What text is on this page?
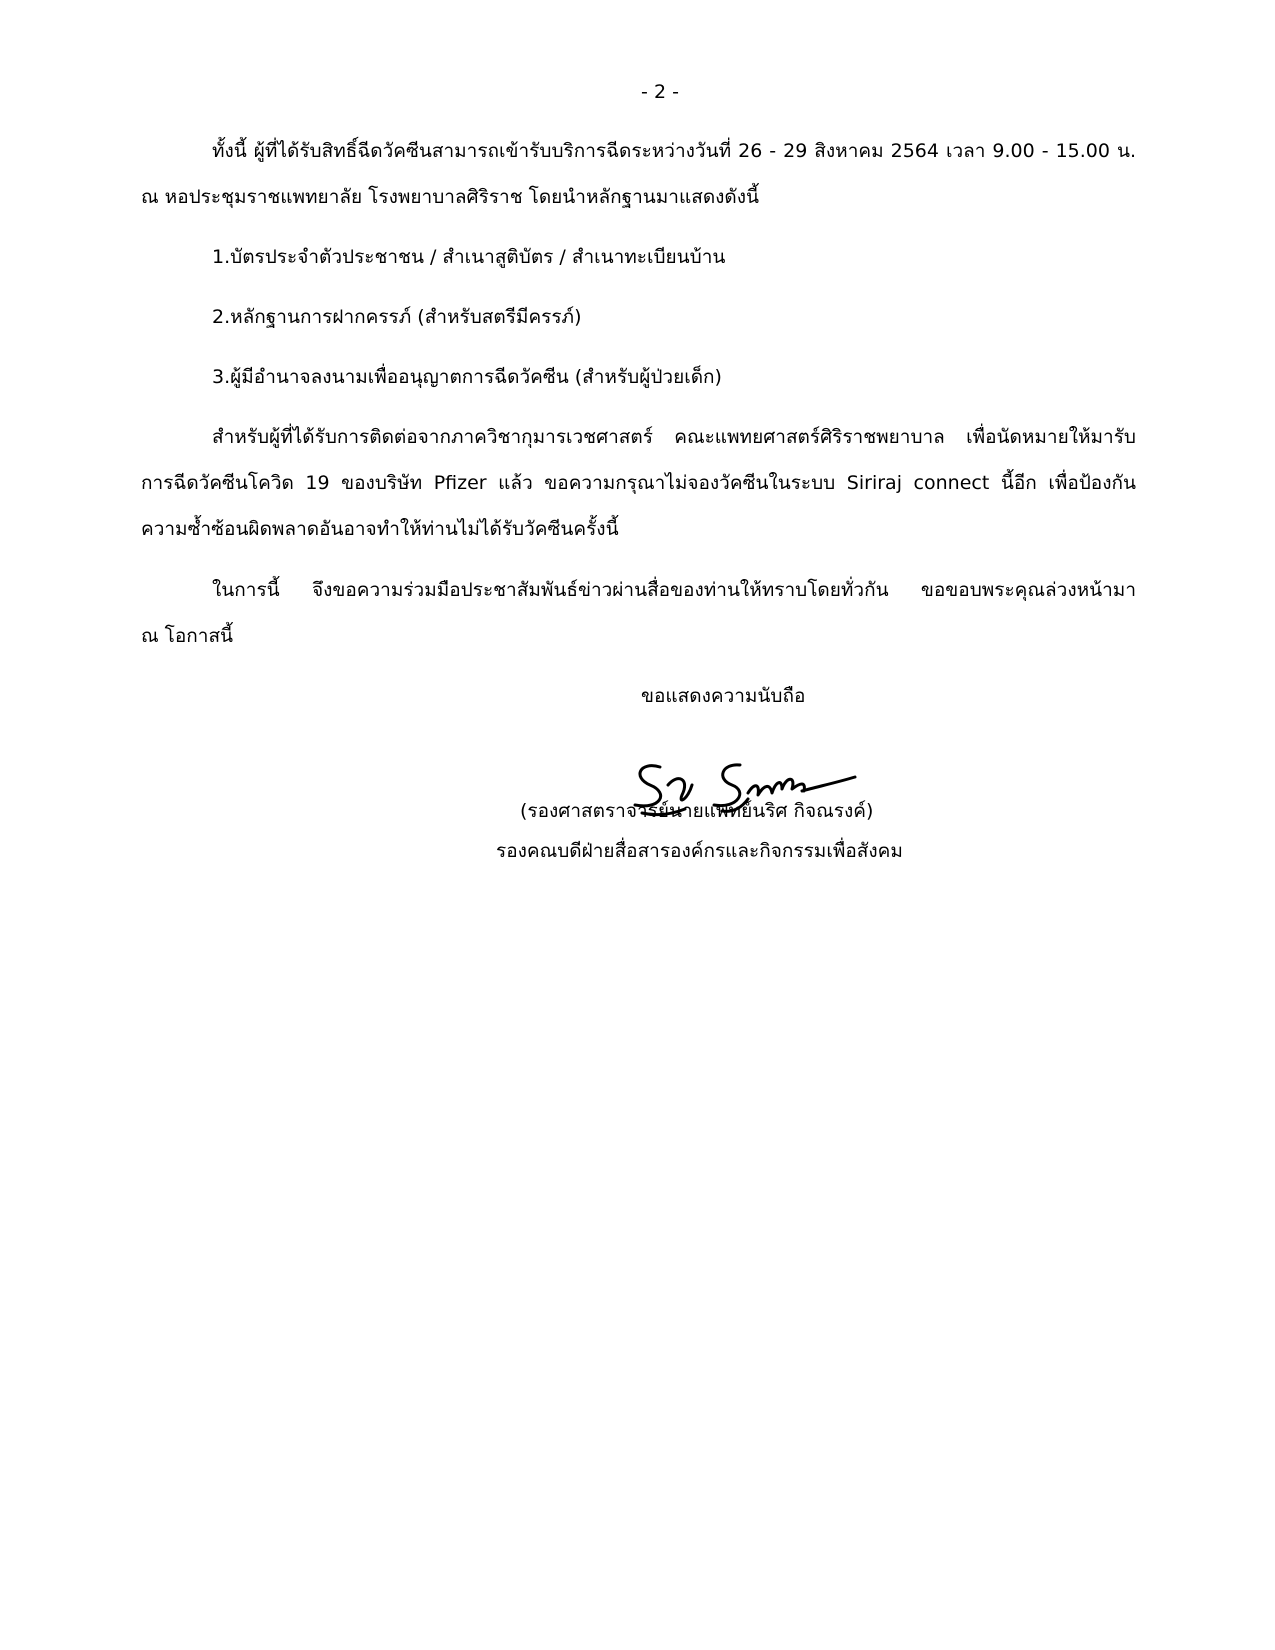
- 2 -
ทั้งนี้ ผู้ที่ได้รับสิทธิ์ฉีดวัคซีนสามารถเข้ารับบริการฉีดระหว่างวันที่ 26 - 29 สิงหาคม 2564 เวลา 9.00 - 15.00 น.
ณ หอประชุมราชแพทยาลัย โรงพยาบาลศิริราช โดยนำหลักฐานมาแสดงดังนี้
1.บัตรประจำตัวประชาชน / สำเนาสูติบัตร / สำเนาทะเบียนบ้าน
2.หลักฐานการฝากครรภ์ (สำหรับสตรีมีครรภ์)
3.ผู้มีอำนาจลงนามเพื่ออนุญาตการฉีดวัคซีน (สำหรับผู้ป่วยเด็ก)
สำหรับผู้ที่ได้รับการติดต่อจากภาควิชากุมารเวชศาสตร์ คณะแพทยศาสตร์ศิริราชพยาบาล เพื่อนัดหมายให้มารับ
การฉีดวัคซีนโควิด 19 ของบริษัท Pfizer แล้ว ขอความกรุณาไม่จองวัคซีนในระบบ Siriraj connect นี้อีก เพื่อป้องกัน
ความซ้ำซ้อนผิดพลาดอันอาจทำให้ท่านไม่ได้รับวัคซีนครั้งนี้
ในการนี้ จึงขอความร่วมมือประชาสัมพันธ์ข่าวผ่านสื่อของท่านให้ทราบโดยทั่วกัน ขอขอบพระคุณล่วงหน้ามา
ณ โอกาสนี้
ขอแสดงความนับถือ
(รองศาสตราจารย์นายแพทย์นริศ กิจณรงค์)
รองคณบดีฝ่ายสื่อสารองค์กรและกิจกรรมเพื่อสังคม
